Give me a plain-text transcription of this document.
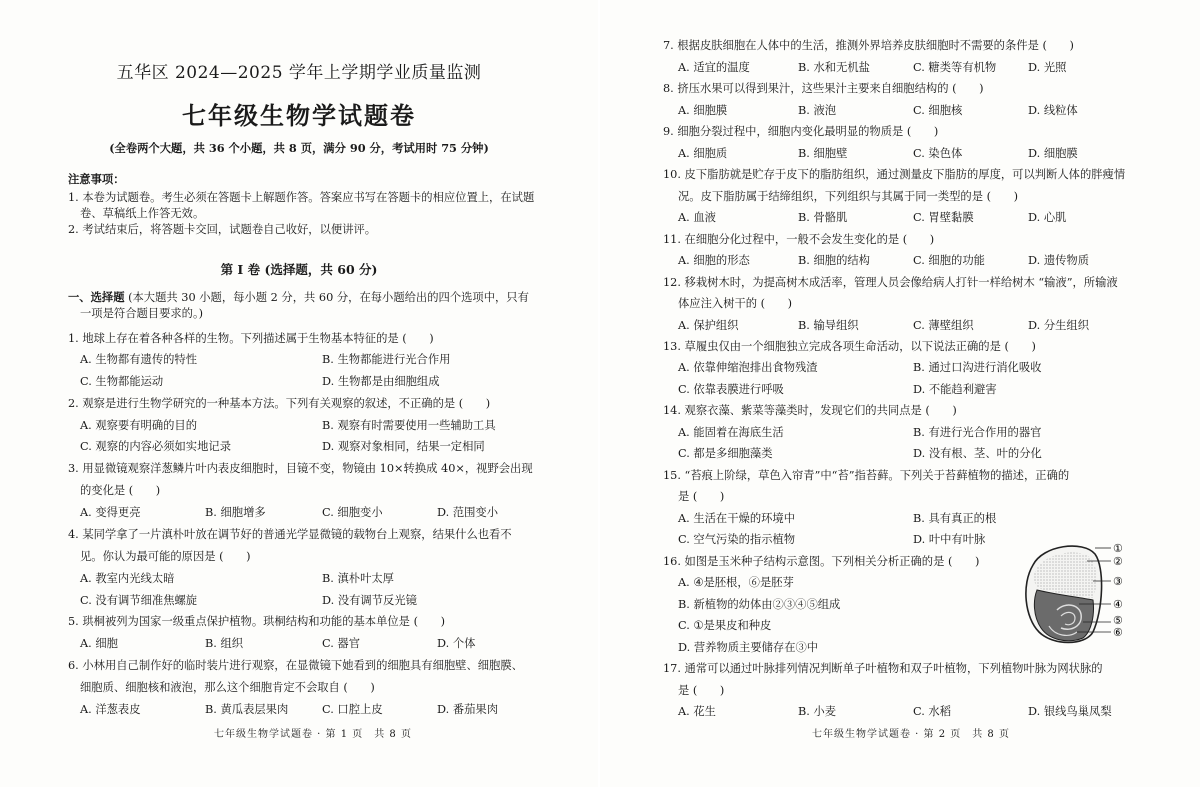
五华区 2024—2025 学年上学期学业质量监测
七年级生物学试题卷
(全卷两个大题，共 36 个小题，共 8 页，满分 90 分，考试用时 75 分钟)
注意事项：
1. 本卷为试题卷。考生必须在答题卡上解题作答。答案应书写在答题卡的相应位置上，在试题
卷、草稿纸上作答无效。
2. 考试结束后，将答题卡交回，试题卷自己收好，以便讲评。
第 I 卷 (选择题，共 60 分)
一、选择题 (本大题共 30 小题，每小题 2 分，共 60 分，在每小题给出的四个选项中，只有
一项是符合题目要求的。)
1. 地球上存在着各种各样的生物。下列描述属于生物基本特征的是 (　　)
A. 生物都有遗传的特性	B. 生物都能进行光合作用
C. 生物都能运动	D. 生物都是由细胞组成
2. 观察是进行生物学研究的一种基本方法。下列有关观察的叙述，不正确的是 (　　)
A. 观察要有明确的目的	B. 观察有时需要使用一些辅助工具
C. 观察的内容必须如实地记录	D. 观察对象相同，结果一定相同
3. 用显微镜观察洋葱鳞片叶内表皮细胞时，目镜不变，物镜由 10×转换成 40×，视野会出现
的变化是 (　　)
A. 变得更亮	B. 细胞增多	C. 细胞变小	D. 范围变小
4. 某同学拿了一片滇朴叶放在调节好的普通光学显微镜的载物台上观察，结果什么也看不
见。你认为最可能的原因是 (　　)
A. 教室内光线太暗	B. 滇朴叶太厚
C. 没有调节细准焦螺旋	D. 没有调节反光镜
5. 珙桐被列为国家一级重点保护植物。珙桐结构和功能的基本单位是 (　　)
A. 细胞	B. 组织	C. 器官	D. 个体
6. 小林用自己制作好的临时装片进行观察，在显微镜下她看到的细胞具有细胞壁、细胞膜、
细胞质、细胞核和液泡，那么这个细胞肯定不会取自 (　　)
A. 洋葱表皮	B. 黄瓜表层果肉	C. 口腔上皮	D. 番茄果肉
七年级生物学试题卷 · 第 1 页　共 8 页
7. 根据皮肤细胞在人体中的生活，推测外界培养皮肤细胞时不需要的条件是 (　　)
A. 适宜的温度	B. 水和无机盐	C. 糖类等有机物	D. 光照
8. 挤压水果可以得到果汁，这些果汁主要来自细胞结构的 (　　)
A. 细胞膜	B. 液泡	C. 细胞核	D. 线粒体
9. 细胞分裂过程中，细胞内变化最明显的物质是 (　　)
A. 细胞质	B. 细胞壁	C. 染色体	D. 细胞膜
10. 皮下脂肪就是贮存于皮下的脂肪组织，通过测量皮下脂肪的厚度，可以判断人体的胖瘦情
况。皮下脂肪属于结缔组织，下列组织与其属于同一类型的是 (　　)
A. 血液	B. 骨骼肌	C. 胃壁黏膜	D. 心肌
11. 在细胞分化过程中，一般不会发生变化的是 (　　)
A. 细胞的形态	B. 细胞的结构	C. 细胞的功能	D. 遗传物质
12. 移栽树木时，为提高树木成活率，管理人员会像给病人打针一样给树木 “输液”，所输液
体应注入树干的 (　　)
A. 保护组织	B. 输导组织	C. 薄壁组织	D. 分生组织
13. 草履虫仅由一个细胞独立完成各项生命活动，以下说法正确的是 (　　)
A. 依靠伸缩泡排出食物残渣	B. 通过口沟进行消化吸收
C. 依靠表膜进行呼吸	D. 不能趋利避害
14. 观察衣藻、紫菜等藻类时，发现它们的共同点是 (　　)
A. 能固着在海底生活	B. 有进行光合作用的器官
C. 都是多细胞藻类	D. 没有根、茎、叶的分化
15. “苔痕上阶绿，草色入帘青”中“苔”指苔藓。下列关于苔藓植物的描述，正确的
是 (　　)
A. 生活在干燥的环境中	B. 具有真正的根
C. 空气污染的指示植物	D. 叶中有叶脉
16. 如图是玉米种子结构示意图。下列相关分析正确的是 (　　)
A. ④是胚根，⑥是胚芽
B. 新植物的幼体由②③④⑤组成
C. ①是果皮和种皮
D. 营养物质主要储存在③中
17. 通常可以通过叶脉排列情况判断单子叶植物和双子叶植物，下列植物叶脉为网状脉的
是 (　　)
A. 花生	B. 小麦	C. 水稻	D. 银线鸟巢凤梨
七年级生物学试题卷 · 第 2 页　共 8 页
①
②
③
④
⑤
⑥
